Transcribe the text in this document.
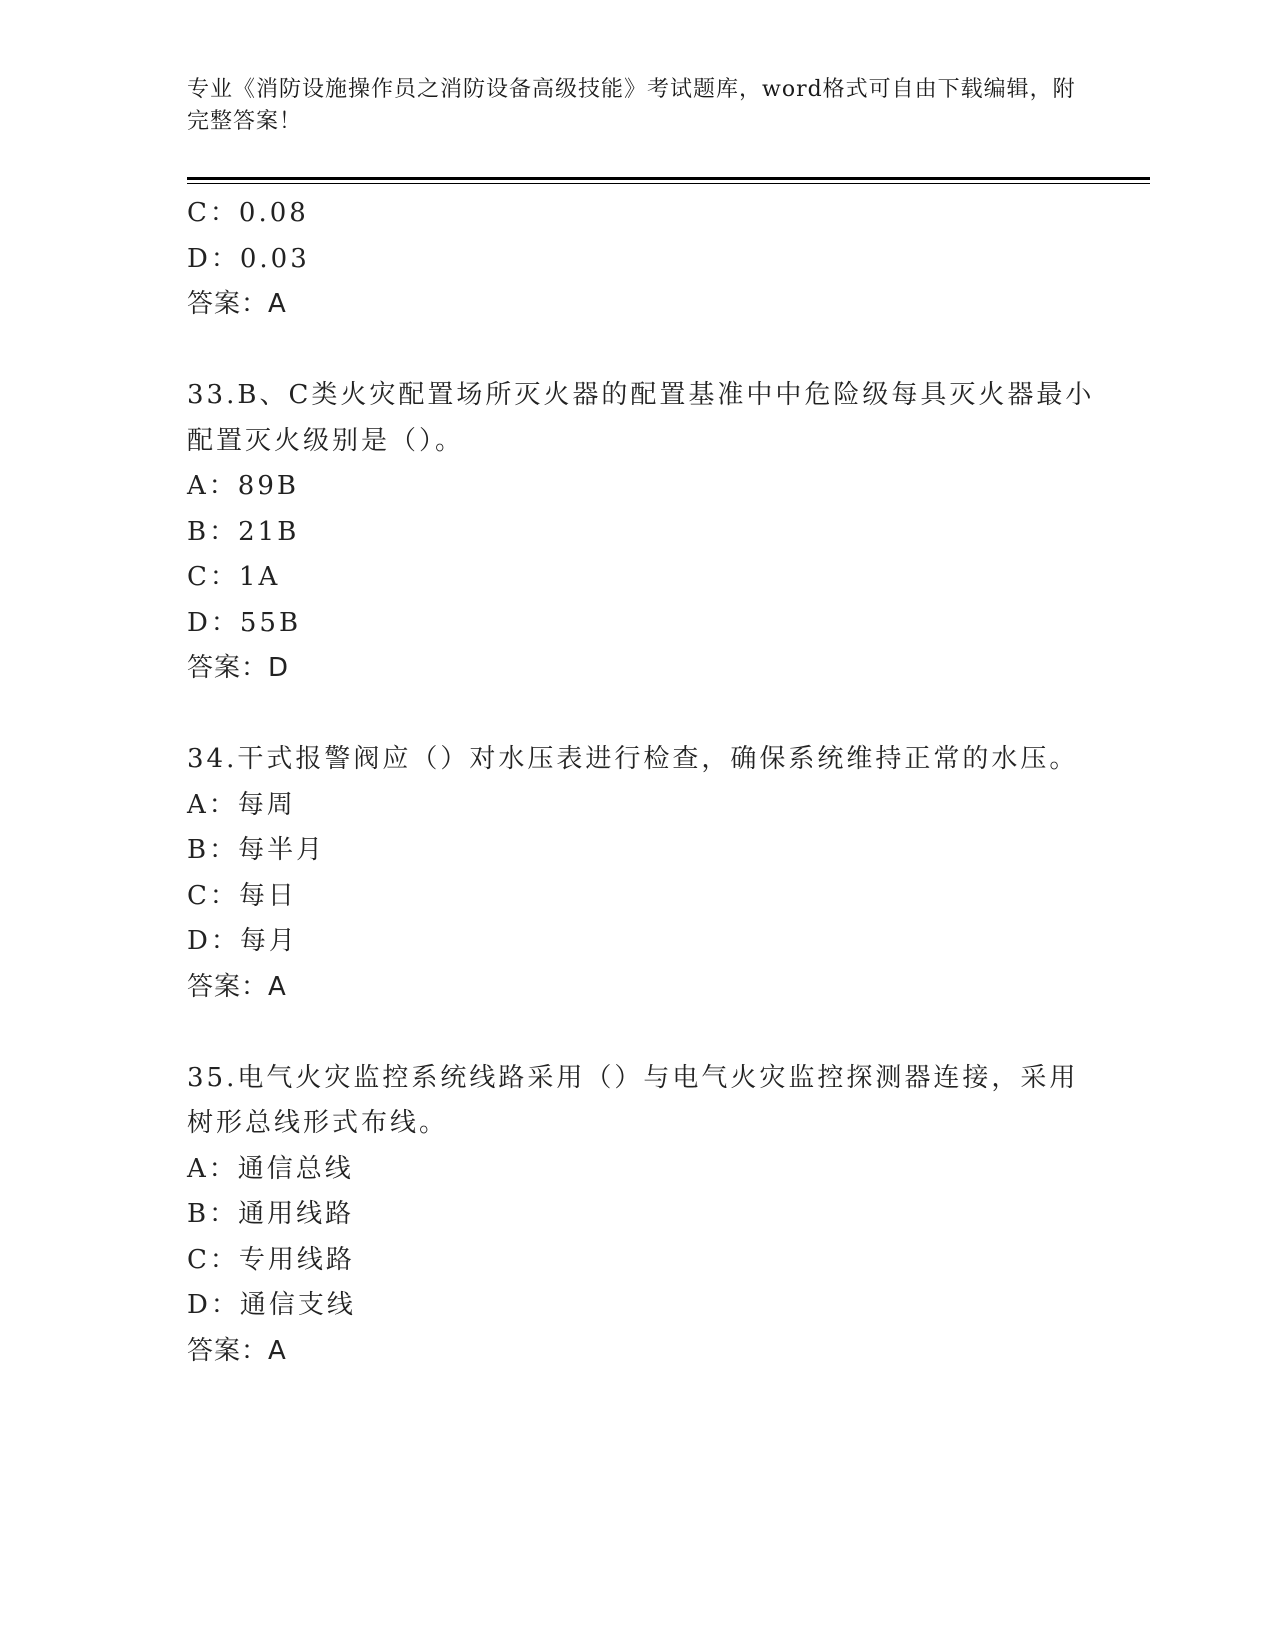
专业《消防设施操作员之消防设备高级技能》考试题库，word格式可自由下载编辑，附完整答案！
C：0.08
D：0.03
答案：A
33.B、C类火灾配置场所灭火器的配置基准中中危险级每具灭火器最小
配置灭火级别是（）。
A：89B
B：21B
C：1A
D：55B
答案：D
34.干式报警阀应（）对水压表进行检查，确保系统维持正常的水压。
A：每周
B：每半月
C：每日
D：每月
答案：A
35.电气火灾监控系统线路采用（）与电气火灾监控探测器连接，采用
树形总线形式布线。
A：通信总线
B：通用线路
C：专用线路
D：通信支线
答案：A
